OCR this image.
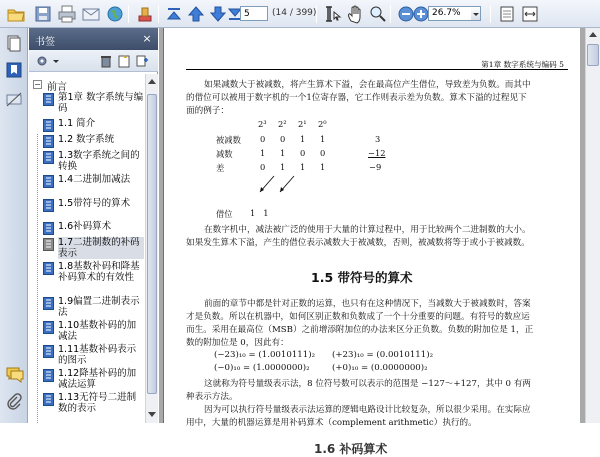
5
(14 / 399)	26.7%
书签	×
− 前言
第1章 数字系统与编码
1.1 简介
1.2 数字系统
1.3数字系统之间的转换
1.4二进制加减法
1.5带符号的算术
1.6补码算术
1.7二进制数的补码表示
1.8基数补码和降基补码算术的有效性
1.9偏置二进制表示法
1.10基数补码的加减法
1.11基数补码表示的图示
1.12降基补码的加减法运算
1.13无符号二进制数的表示
第1章 数字系统与编码 5
如果减数大于被减数，将产生算术下溢，会在最高位产生借位，导致差为负数。而其中
的借位可以被用于数字机的一个1位寄存器，它工作则表示差为负数。算术下溢的过程见下
面的例子：
2³ 2² 2¹ 2⁰
被减数 0 0 1 1	3
减数	1 1 0 0	−12
差	0 1 1 1	−9
借位 1   1
在数字机中，减法被广泛的使用于大量的计算过程中，用于比较两个二进制数的大小。
如果发生算术下溢，产生的借位表示减数大于被减数，否则，被减数将等于或小于被减数。
1.5 带符号的算术
前面的章节中都是针对正数的运算，也只有在这种情况下，当减数大于被减数时，答案
才是负数。所以在机器中，如何区别正数和负数成了一个十分重要的问题。有符号的数应运
而生。采用在最高位（MSB）之前增添附加位的办法来区分正负数。负数的附加位是 1，正
数的附加位是 0，因此有：
(−23)₁₀ = (1.0010111)₂ (+23)₁₀ = (0.0010111)₂
(−0)₁₀ = (1.0000000)₂	(+0)₁₀ = (0.0000000)₂
这就称为符号量级表示法，8 位符号数可以表示的范围是 −127～+127，其中 0 有两
种表示方法。
因为可以执行符号量级表示法运算的逻辑电路设计比较复杂，所以很少采用。在实际应
用中，大量的机器运算是用补码算术（complement arithmetic）执行的。
1.6 补码算术
